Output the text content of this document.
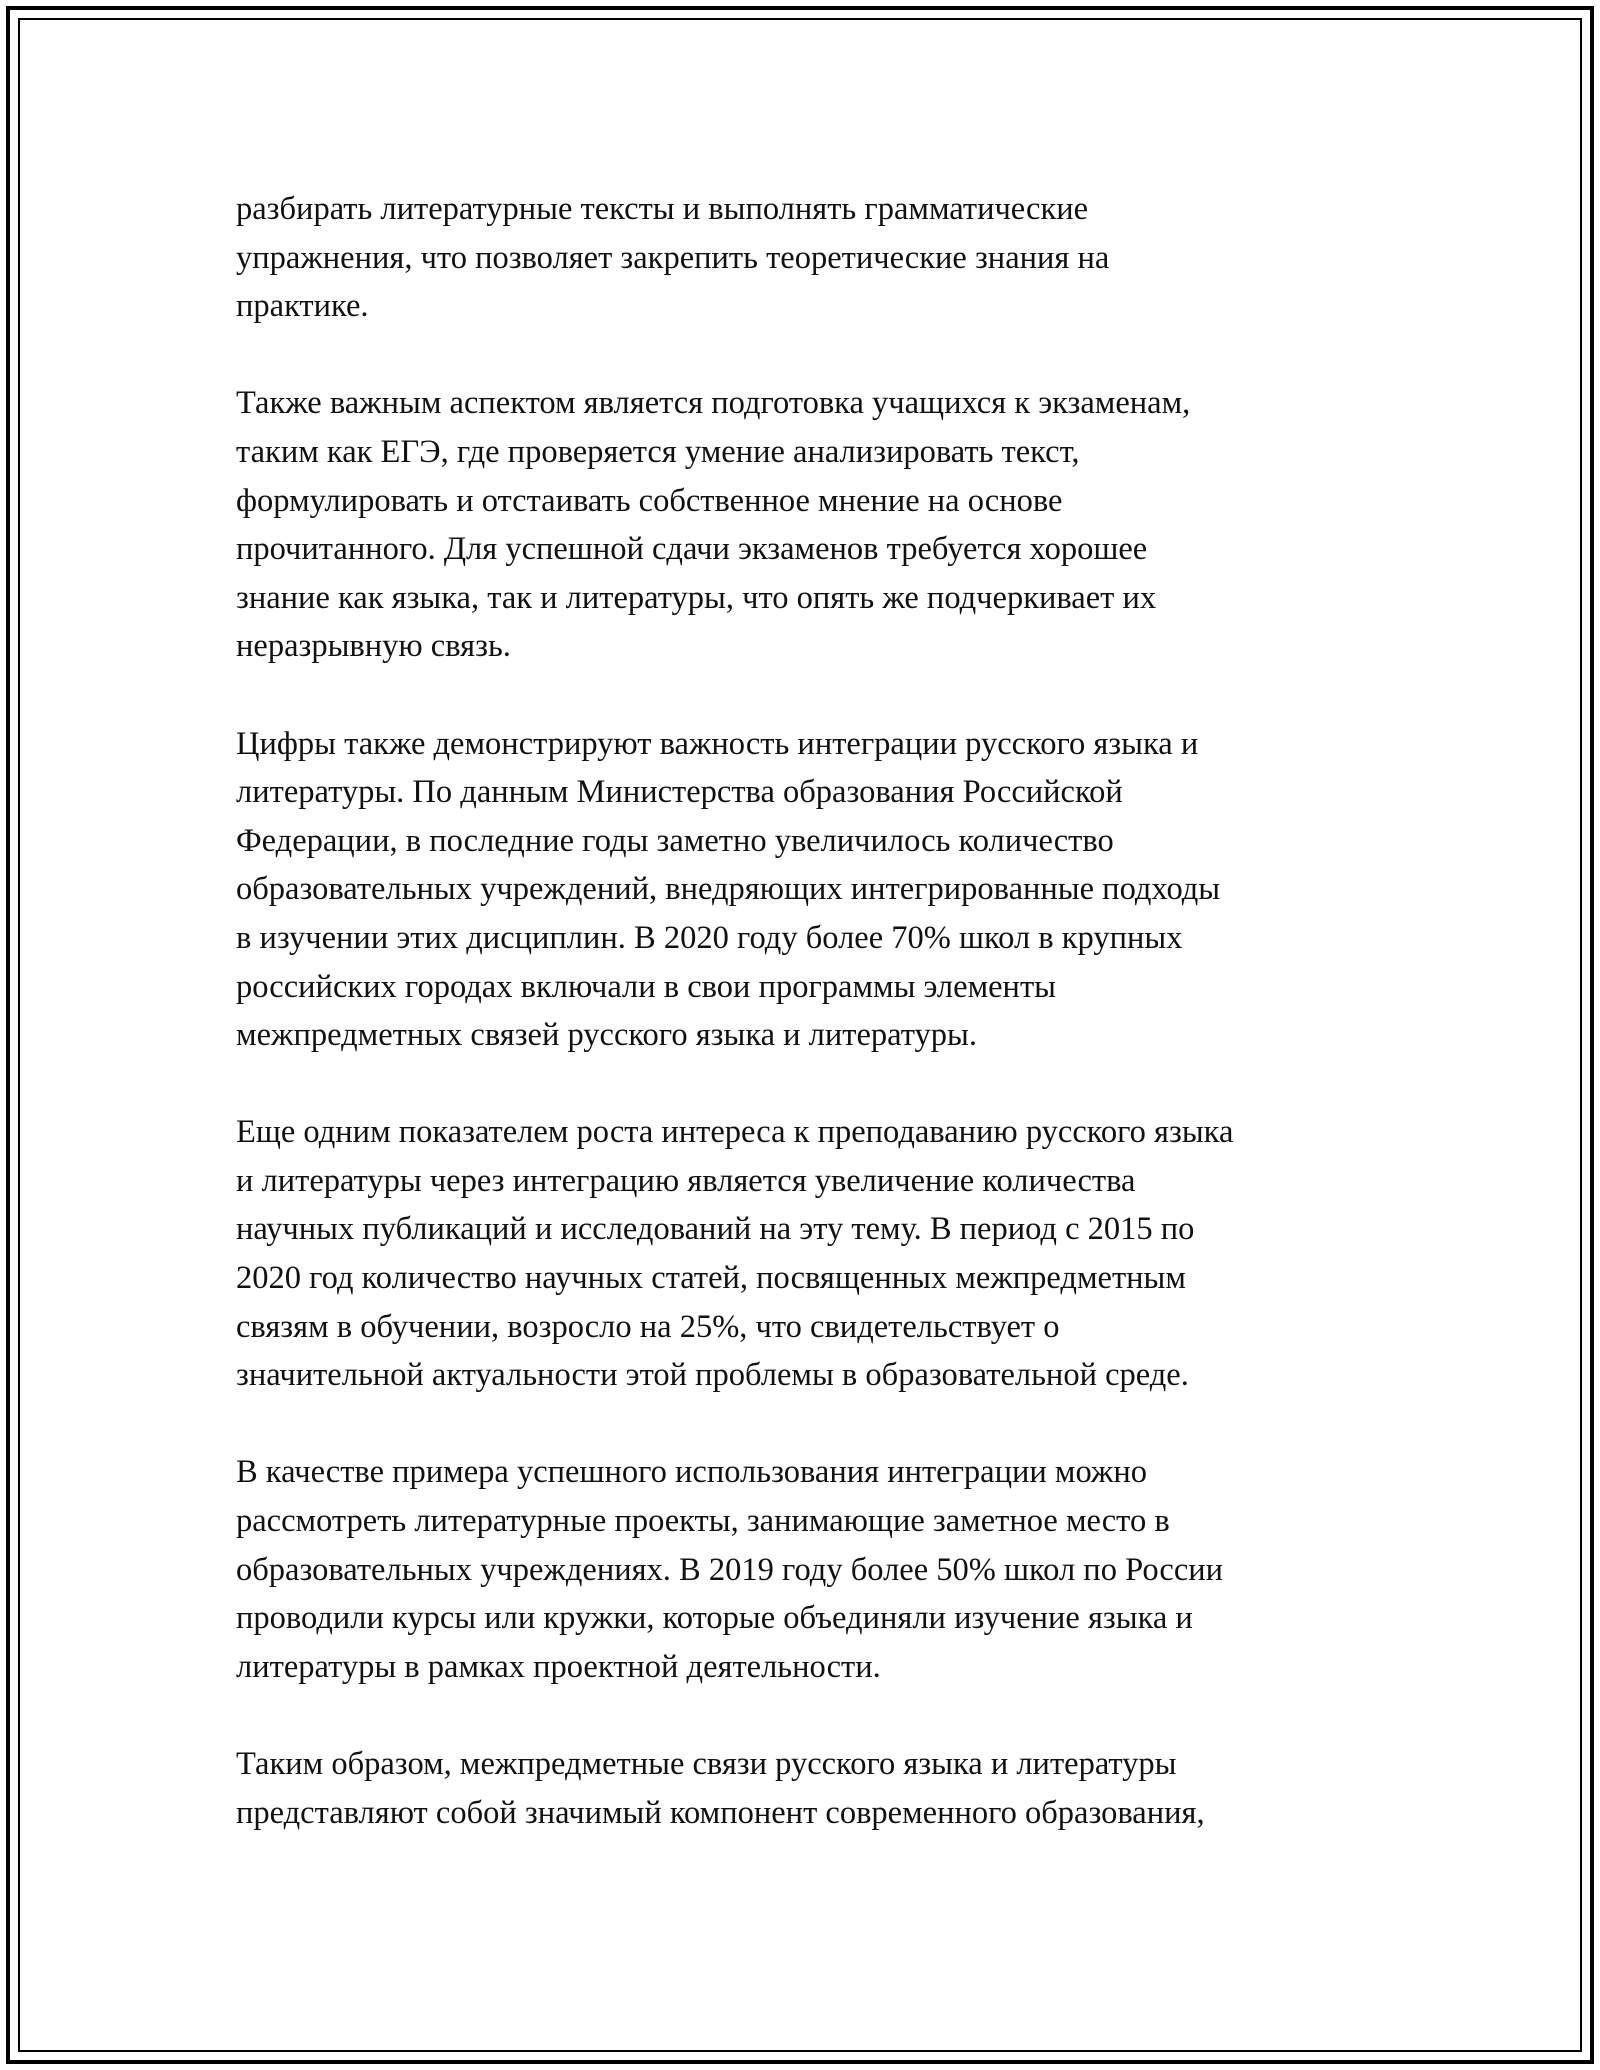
разбирать литературные тексты и выполнять грамматические
упражнения, что позволяет закрепить теоретические знания на
практике.
Также важным аспектом является подготовка учащихся к экзаменам,
таким как ЕГЭ, где проверяется умение анализировать текст,
формулировать и отстаивать собственное мнение на основе
прочитанного. Для успешной сдачи экзаменов требуется хорошее
знание как языка, так и литературы, что опять же подчеркивает их
неразрывную связь.
Цифры также демонстрируют важность интеграции русского языка и
литературы. По данным Министерства образования Российской
Федерации, в последние годы заметно увеличилось количество
образовательных учреждений, внедряющих интегрированные подходы
в изучении этих дисциплин. В 2020 году более 70% школ в крупных
российских городах включали в свои программы элементы
межпредметных связей русского языка и литературы.
Еще одним показателем роста интереса к преподаванию русского языка
и литературы через интеграцию является увеличение количества
научных публикаций и исследований на эту тему. В период с 2015 по
2020 год количество научных статей, посвященных межпредметным
связям в обучении, возросло на 25%, что свидетельствует о
значительной актуальности этой проблемы в образовательной среде.
В качестве примера успешного использования интеграции можно
рассмотреть литературные проекты, занимающие заметное место в
образовательных учреждениях. В 2019 году более 50% школ по России
проводили курсы или кружки, которые объединяли изучение языка и
литературы в рамках проектной деятельности.
Таким образом, межпредметные связи русского языка и литературы
представляют собой значимый компонент современного образования,
